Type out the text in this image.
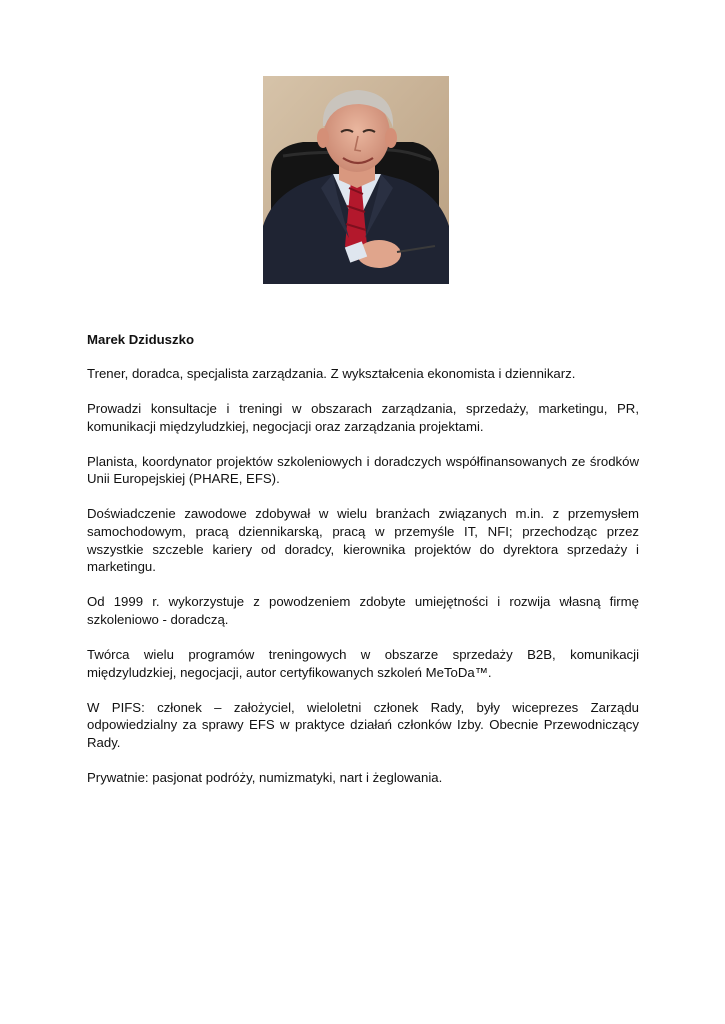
Marek Dziduszko

Trener, doradca, specjalista zarządzania. Z wykształcenia ekonomista i dziennikarz.

Prowadzi konsultacje i treningi w obszarach zarządzania, sprzedaży, marketingu, PR, komunikacji międzyludzkiej, negocjacji oraz zarządzania projektami.

Planista, koordynator projektów szkoleniowych i doradczych współfinansowanych ze środków Unii Europejskiej (PHARE, EFS).

Doświadczenie zawodowe zdobywał w wielu branżach związanych m.in. z przemysłem samochodowym, pracą dziennikarską, pracą w przemyśle IT, NFI; przechodząc przez wszystkie szczeble kariery od doradcy, kierownika projektów do dyrektora sprzedaży i marketingu.

Od 1999 r. wykorzystuje z powodzeniem zdobyte umiejętności i rozwija własną firmę szkoleniowo - doradczą.

Twórca wielu programów treningowych w obszarze sprzedaży B2B, komunikacji międzyludzkiej, negocjacji, autor certyfikowanych szkoleń MeToDa™.

W PIFS: członek – założyciel, wieloletni członek Rady, były wiceprezes Zarządu odpowiedzialny za sprawy EFS w praktyce działań członków Izby. Obecnie Przewodniczący Rady.

Prywatnie: pasjonat podróży, numizmatyki, nart i żeglowania.
